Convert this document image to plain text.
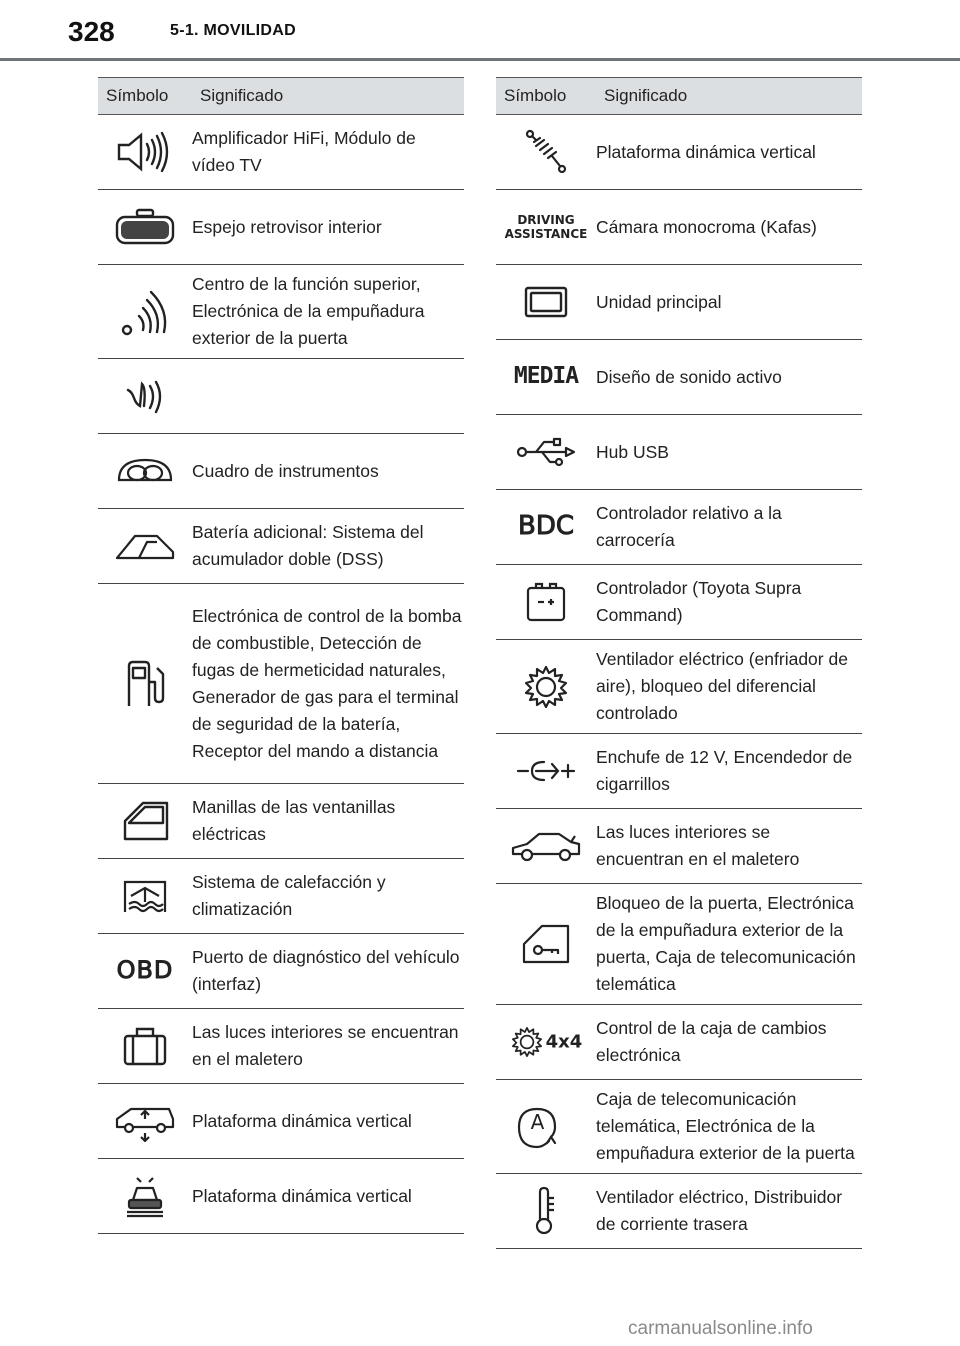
328	5-1. MOVILIDAD
Símbolo	Significado
	Amplificador HiFi, Módulo de vídeo TV
	Espejo retrovisor interior
	Centro de la función superior, Electrónica de la empuñadura exterior de la puerta

	Cuadro de instrumentos
	Batería adicional: Sistema del acumulador doble (DSS)
	Electrónica de control de la bomba de combustible, Detección de fugas de hermeticidad naturales, Generador de gas para el terminal de seguridad de la batería, Receptor del mando a distancia
	Manillas de las ventanillas eléctricas
	Sistema de calefacción y climatización
OBD	Puerto de diagnóstico del vehículo (interfaz)
	Las luces interiores se encuentran en el maletero
	Plataforma dinámica vertical
	Plataforma dinámica vertical
Símbolo	Significado
	Plataforma dinámica vertical

DRIVING
ASSISTANCE	Cámara monocroma (Kafas)
	Unidad principal
MEDIA	Diseño de sonido activo
	Hub USB
BDC	Controlador relativo a la carrocería
	Controlador (Toyota Supra Command)
	Ventilador eléctrico (enfriador de aire), bloqueo del diferencial controlado
	Enchufe de 12 V, Encendedor de cigarrillos
	Las luces interiores se encuentran en el maletero
	Bloqueo de la puerta, Electrónica de la empuñadura exterior de la puerta, Caja de telecomunicación telemática
4x4	Control de la caja de cambios electrónica
A	Caja de telecomunicación telemática, Electrónica de la empuñadura exterior de la puerta
	Ventilador eléctrico, Distribuidor de corriente trasera
carmanualsonline.info
